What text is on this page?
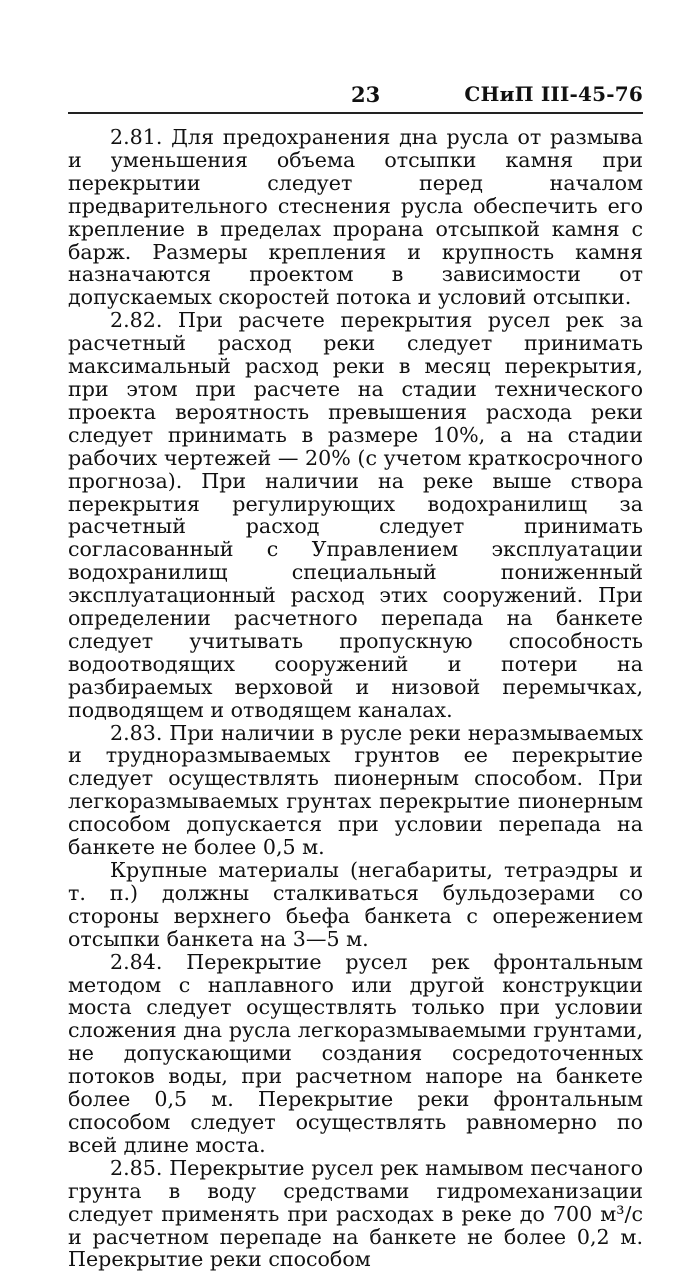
23	СНиП III-45-76

2.81. Для предохранения дна русла от размыва и уменьшения объема отсыпки камня при перекрытии следует перед началом предварительного стеснения русла обеспечить его крепление в пределах прорана отсыпкой камня с барж. Размеры крепления и крупность камня назначаются проектом в зависимости от допускаемых скоростей потока и условий отсыпки.

2.82. При расчете перекрытия русел рек за расчетный расход реки следует принимать максимальный расход реки в месяц перекрытия, при этом при расчете на стадии технического проекта вероятность превышения расхода реки следует принимать в размере 10%, а на стадии рабочих чертежей — 20% (с учетом краткосрочного прогноза). При наличии на реке выше створа перекрытия регулирующих водохранилищ за расчетный расход следует принимать согласованный с Управлением эксплуатации водохранилищ специальный пониженный эксплуатационный расход этих сооружений. При определении расчетного перепада на банкете следует учитывать пропускную способность водоотводящих сооружений и потери на разбираемых верховой и низовой перемычках, подводящем и отводящем каналах.

2.83. При наличии в русле реки неразмываемых и трудноразмываемых грунтов ее перекрытие следует осуществлять пионерным способом. При легкоразмываемых грунтах перекрытие пионерным способом допускается при условии перепада на банкете не более 0,5 м.

Крупные материалы (негабариты, тетраэдры и т. п.) должны сталкиваться бульдозерами со стороны верхнего бьефа банкета с опережением отсыпки банкета на 3—5 м.

2.84. Перекрытие русел рек фронтальным методом с наплавного или другой конструкции моста следует осуществлять только при условии сложения дна русла легкоразмываемыми грунтами, не допускающими создания сосредоточенных потоков воды, при расчетном напоре на банкете более 0,5 м. Перекрытие реки фронтальным способом следует осуществлять равномерно по всей длине моста.

2.85. Перекрытие русел рек намывом песчаного грунта в воду средствами гидромеханизации следует применять при расходах в реке до 700 м³/с и расчетном перепаде на банкете не более 0,2 м. Перекрытие реки способом
